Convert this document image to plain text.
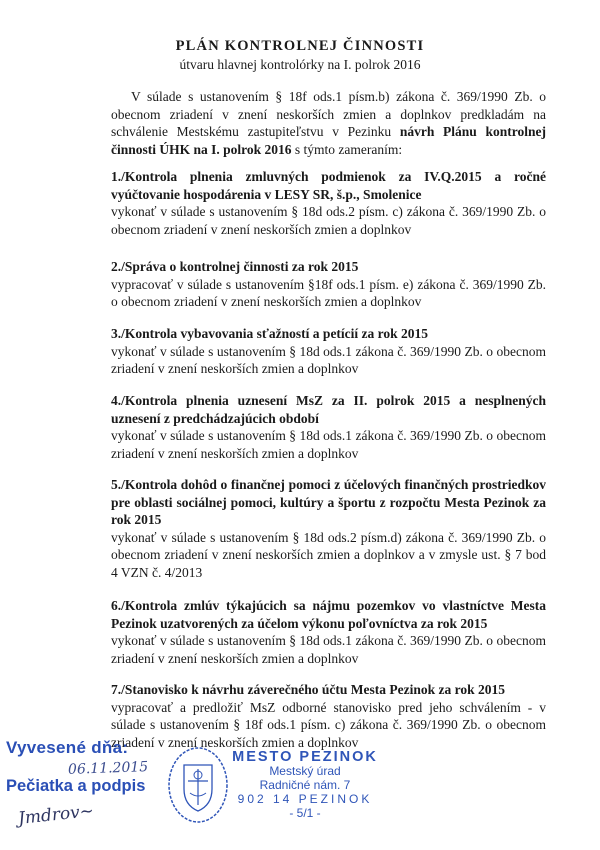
PLÁN KONTROLNEJ ČINNOSTI
útvaru hlavnej kontrolórky na I. polrok 2016
V súlade s ustanovením § 18f ods.1 písm.b) zákona č. 369/1990 Zb. o obecnom zriadení v znení neskorších zmien a doplnkov predkladám na schválenie Mestskému zastupiteľstvu v Pezinku návrh Plánu kontrolnej činnosti ÚHK na I. polrok 2016 s týmto zameraním:
1./Kontrola plnenia zmluvných podmienok za IV.Q.2015 a ročné vyúčtovanie hospodárenia v LESY SR, š.p., Smolenice
vykonať v súlade s ustanovením § 18d ods.2 písm. c) zákona č. 369/1990 Zb. o obecnom zriadení v znení neskorších zmien a doplnkov
2./Správa o kontrolnej činnosti za rok 2015
vypracovať v súlade s ustanovením §18f ods.1 písm. e) zákona č. 369/1990 Zb. o obecnom zriadení v znení neskorších zmien a doplnkov
3./Kontrola vybavovania sťažností a petícií za rok 2015
vykonať v súlade s ustanovením § 18d ods.1 zákona č. 369/1990 Zb. o obecnom zriadení v znení neskorších zmien a doplnkov
4./Kontrola plnenia uznesení MsZ za II. polrok 2015 a nesplnených uznesení z predchádzajúcich období
vykonať v súlade s ustanovením § 18d ods.1 zákona č. 369/1990 Zb. o obecnom zriadení v znení neskorších zmien a doplnkov
5./Kontrola dohôd o finančnej pomoci z účelových finančných prostriedkov pre oblasti sociálnej pomoci, kultúry a športu z rozpočtu Mesta Pezinok za rok 2015
vykonať v súlade s ustanovením § 18d ods.2 písm.d) zákona č. 369/1990 Zb. o obecnom zriadení v znení neskorších zmien a doplnkov a v zmysle ust. § 7 bod 4 VZN č. 4/2013
6./Kontrola zmlúv týkajúcich sa nájmu pozemkov vo vlastníctve Mesta Pezinok uzatvorených za účelom výkonu poľovníctva za rok 2015
vykonať v súlade s ustanovením § 18d ods.1 zákona č. 369/1990 Zb. o obecnom zriadení v znení neskorších zmien a doplnkov
7./Stanovisko k návrhu záverečného účtu Mesta Pezinok za rok 2015
vypracovať a predložiť MsZ odborné stanovisko pred jeho schválením - v súlade s ustanovením § 18f ods.1 písm. c) zákona č. 369/1990 Zb. o obecnom zriadení v znení neskorších zmien a doplnkov
Vyvesené dňa:
06.11.2015
Pečiatka a podpis
Jmdrov~
MESTO PEZINOK
Mestský úrad
Radničné nám. 7
902 14 PEZINOK
- 5/1 -
